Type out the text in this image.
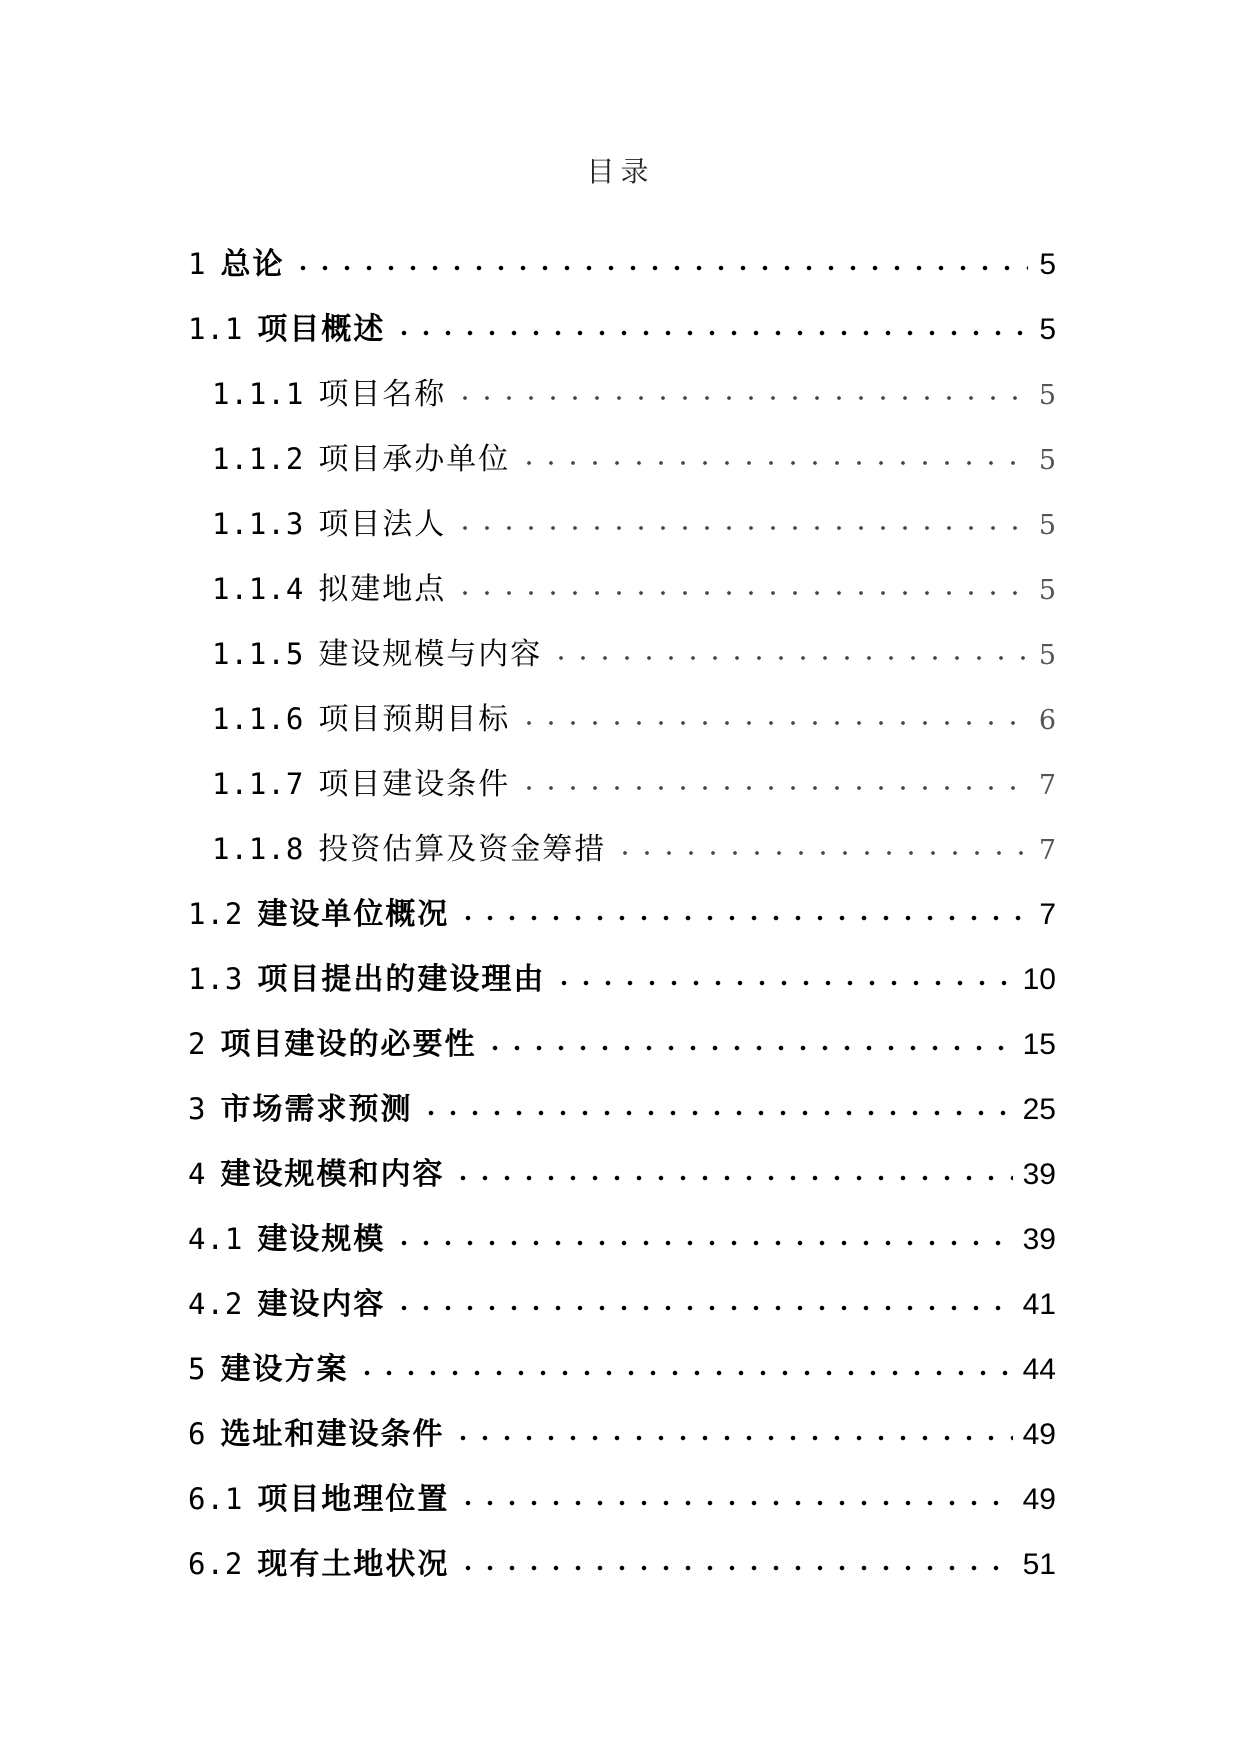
目录
1 总论	5
1.1 项目概述	5
1.1.1 项目名称	5
1.1.2 项目承办单位	5
1.1.3 项目法人	5
1.1.4 拟建地点	5
1.1.5 建设规模与内容	5
1.1.6 项目预期目标	6
1.1.7 项目建设条件	7
1.1.8 投资估算及资金筹措	7
1.2 建设单位概况	7
1.3 项目提出的建设理由	10
2 项目建设的必要性	15
3 市场需求预测	25
4 建设规模和内容	39
4.1 建设规模	39
4.2 建设内容	41
5 建设方案	44
6 选址和建设条件	49
6.1 项目地理位置	49
6.2 现有土地状况	51
